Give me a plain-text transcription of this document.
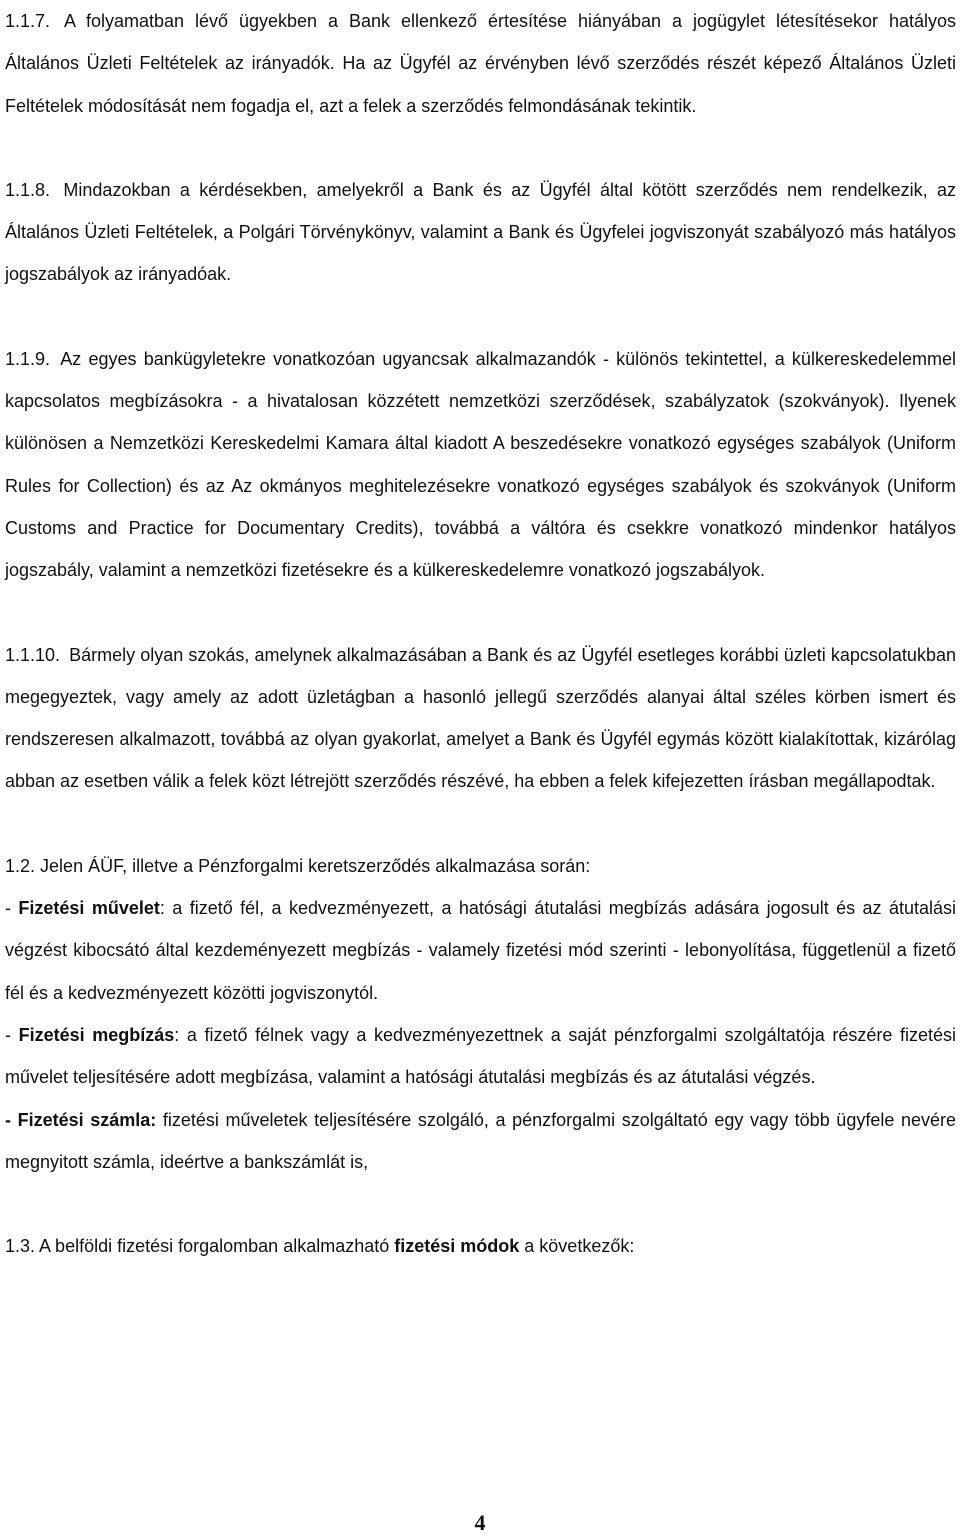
1.1.7. A folyamatban lévő ügyekben a Bank ellenkező értesítése hiányában a jogügylet létesítésekor hatályos Általános Üzleti Feltételek az irányadók. Ha az Ügyfél az érvényben lévő szerződés részét képező Általános Üzleti Feltételek módosítását nem fogadja el, azt a felek a szerződés felmondásának tekintik.

1.1.8. Mindazokban a kérdésekben, amelyekről a Bank és az Ügyfél által kötött szerződés nem rendelkezik, az Általános Üzleti Feltételek, a Polgári Törvénykönyv, valamint a Bank és Ügyfelei jogviszonyát szabályozó más hatályos jogszabályok az irányadóak.

1.1.9. Az egyes bankügyletekre vonatkozóan ugyancsak alkalmazandók - különös tekintettel, a külkereskedelemmel kapcsolatos megbízásokra - a hivatalosan közzétett nemzetközi szerződések, szabályzatok (szokványok). Ilyenek különösen a Nemzetközi Kereskedelmi Kamara által kiadott A beszedésekre vonatkozó egységes szabályok (Uniform Rules for Collection) és az Az okmányos meghitelezésekre vonatkozó egységes szabályok és szokványok (Uniform Customs and Practice for Documentary Credits), továbbá a váltóra és csekkre vonatkozó mindenkor hatályos jogszabály, valamint a nemzetközi fizetésekre és a külkereskedelemre vonatkozó jogszabályok.

1.1.10. Bármely olyan szokás, amelynek alkalmazásában a Bank és az Ügyfél esetleges korábbi üzleti kapcsolatukban megegyeztek, vagy amely az adott üzletágban a hasonló jellegű szerződés alanyai által széles körben ismert és rendszeresen alkalmazott, továbbá az olyan gyakorlat, amelyet a Bank és Ügyfél egymás között kialakítottak, kizárólag abban az esetben válik a felek közt létrejött szerződés részévé, ha ebben a felek kifejezetten írásban megállapodtak.

1.2. Jelen ÁÜF, illetve a Pénzforgalmi keretszerződés alkalmazása során:

- Fizetési művelet: a fizető fél, a kedvezményezett, a hatósági átutalási megbízás adására jogosult és az átutalási végzést kibocsátó által kezdeményezett megbízás - valamely fizetési mód szerinti - lebonyolítása, függetlenül a fizető fél és a kedvezményezett közötti jogviszonytól.

- Fizetési megbízás: a fizető félnek vagy a kedvezményezettnek a saját pénzforgalmi szolgáltatója részére fizetési művelet teljesítésére adott megbízása, valamint a hatósági átutalási megbízás és az átutalási végzés.

- Fizetési számla: fizetési műveletek teljesítésére szolgáló, a pénzforgalmi szolgáltató egy vagy több ügyfele nevére megnyitott számla, ideértve a bankszámlát is,

1.3. A belföldi fizetési forgalomban alkalmazható fizetési módok a következők:

4
